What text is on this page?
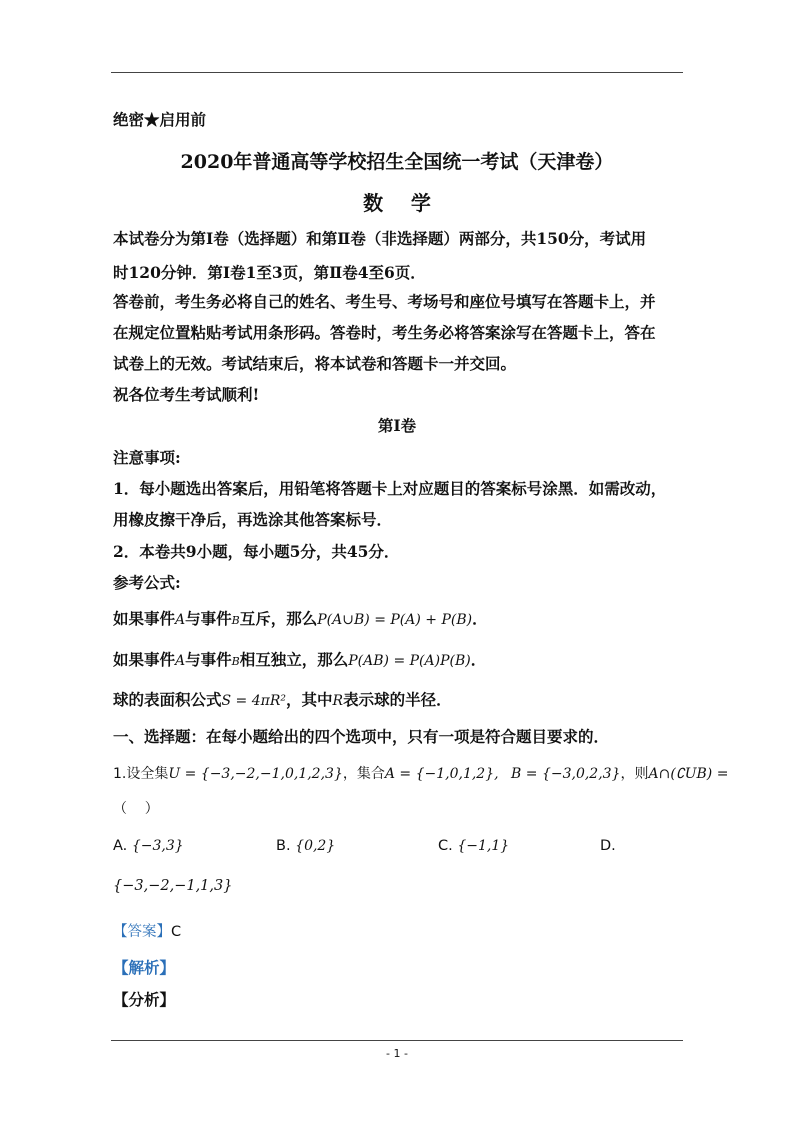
绝密★启用前
2020年普通高等学校招生全国统一考试（天津卷）
数    学
本试卷分为第Ⅰ卷（选择题）和第Ⅱ卷（非选择题）两部分，共150分，考试用
时120分钟．第Ⅰ卷1至3页，第Ⅱ卷4至6页．
答卷前，考生务必将自己的姓名、考生号、考场号和座位号填写在答题卡上，并
在规定位置粘贴考试用条形码。答卷时，考生务必将答案涂写在答题卡上，答在
试卷上的无效。考试结束后，将本试卷和答题卡一并交回。
祝各位考生考试顺利!
第Ⅰ卷
注意事项:
1．每小题选出答案后，用铅笔将答题卡上对应题目的答案标号涂黑．如需改动，
用橡皮擦干净后，再选涂其他答案标号．
2．本卷共9小题，每小题5分，共45分．
参考公式:
如果事件A与事件B互斥，那么P(A∪B) = P(A) + P(B)．
如果事件A与事件B相互独立，那么P(AB) = P(A)P(B)．
球的表面积公式S = 4πR²，其中R表示球的半径．
一、选择题：在每小题给出的四个选项中，只有一项是符合题目要求的．
1.设全集U = {−3,−2,−1,0,1,2,3}，集合A = {−1,0,1,2}, B = {−3,0,2,3}，则A∩(∁UB) =
（    ）
A. {−3,3}	B. {0,2}	C. {−1,1}	D.
{−3,−2,−1,1,3}
【答案】C
【解析】
【分析】
- 1 -
